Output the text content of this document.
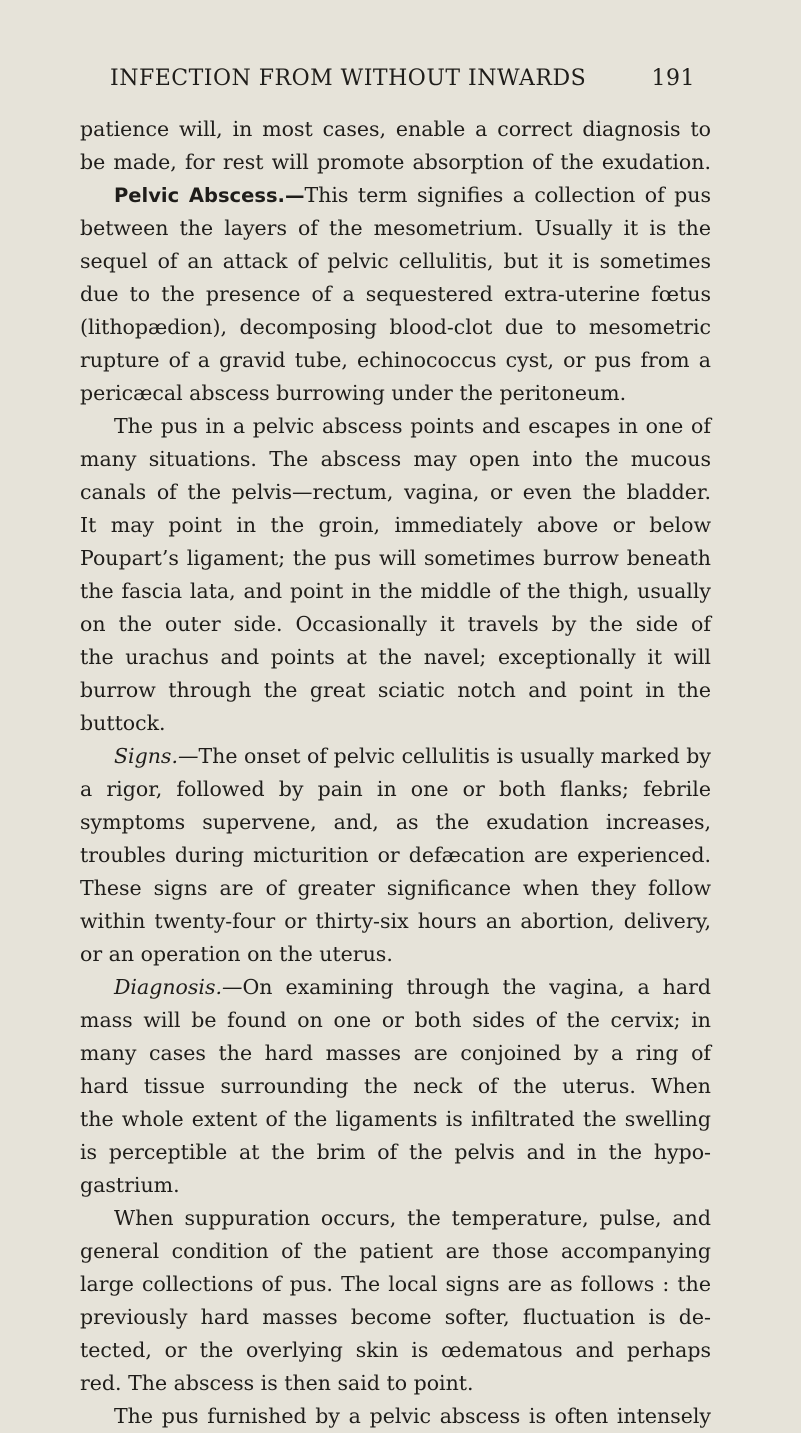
INFECTION FROM WITHOUT INWARDS	191
patience will, in most cases, enable a correct diagnosis to
be made, for rest will promote absorption of the exudation.
Pelvic Abscess.—This term signifies a collection of pus
between the layers of the mesometrium. Usually it is the
sequel of an attack of pelvic cellulitis, but it is sometimes
due to the presence of a sequestered extra-uterine fœtus
(lithopædion), decomposing blood-clot due to mesometric
rupture of a gravid tube, echinococcus cyst, or pus from a
pericæcal abscess burrowing under the peritoneum.
The pus in a pelvic abscess points and escapes in one of
many situations. The abscess may open into the mucous
canals of the pelvis—rectum, vagina, or even the bladder.
It may point in the groin, immediately above or below
Poupart’s ligament; the pus will sometimes burrow beneath
the fascia lata, and point in the middle of the thigh, usually
on the outer side. Occasionally it travels by the side of
the urachus and points at the navel; exceptionally it will
burrow through the great sciatic notch and point in the
buttock.
Signs.—The onset of pelvic cellulitis is usually marked by
a rigor, followed by pain in one or both flanks; febrile
symptoms supervene, and, as the exudation increases,
troubles during micturition or defæcation are experienced.
These signs are of greater significance when they follow
within twenty-four or thirty-six hours an abortion, delivery,
or an operation on the uterus.
Diagnosis.—On examining through the vagina, a hard
mass will be found on one or both sides of the cervix; in
many cases the hard masses are conjoined by a ring of
hard tissue surrounding the neck of the uterus. When
the whole extent of the ligaments is infiltrated the swelling
is perceptible at the brim of the pelvis and in the hypo-
gastrium.
When suppuration occurs, the temperature, pulse, and
general condition of the patient are those accompanying
large collections of pus. The local signs are as follows : the
previously hard masses become softer, fluctuation is de-
tected, or the overlying skin is œdematous and perhaps
red. The abscess is then said to point.
The pus furnished by a pelvic abscess is often intensely
